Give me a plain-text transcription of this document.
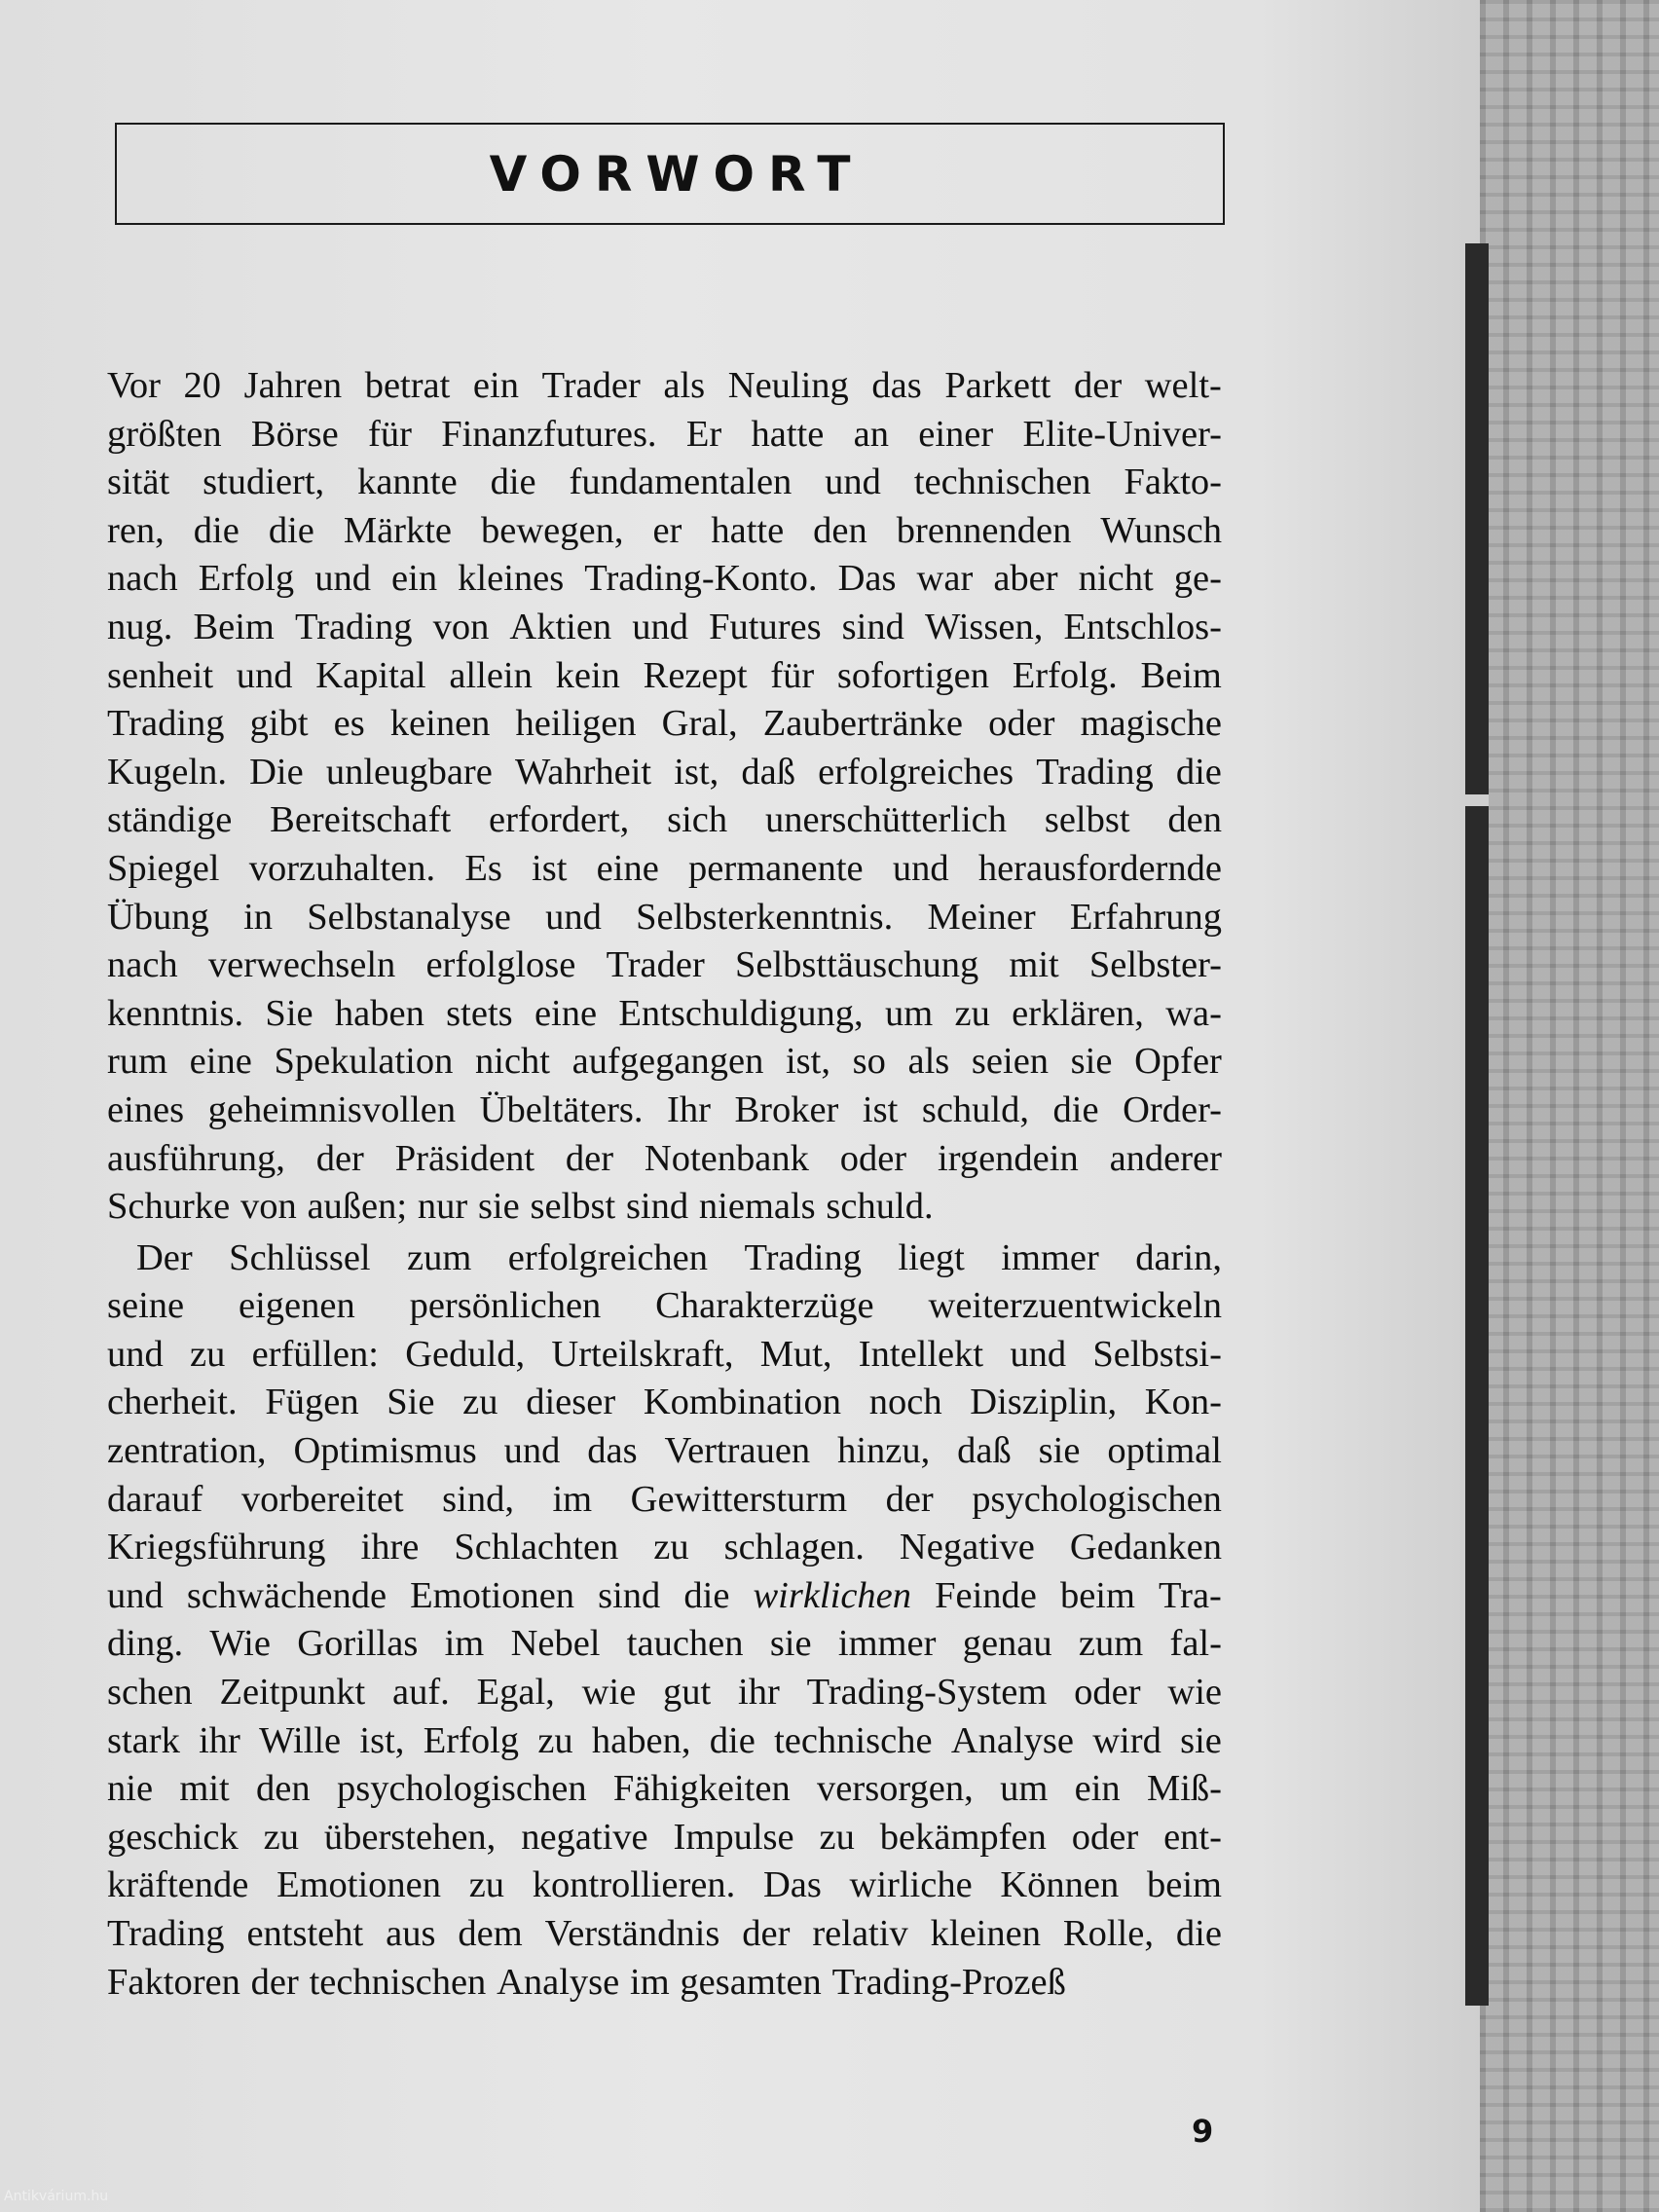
VORWORT
Vor 20 Jahren betrat ein Trader als Neuling das Parkett der welt-
größten Börse für Finanzfutures. Er hatte an einer Elite-Univer-
sität studiert, kannte die fundamentalen und technischen Fakto-
ren, die die Märkte bewegen, er hatte den brennenden Wunsch
nach Erfolg und ein kleines Trading-Konto. Das war aber nicht ge-
nug. Beim Trading von Aktien und Futures sind Wissen, Entschlos-
senheit und Kapital allein kein Rezept für sofortigen Erfolg. Beim
Trading gibt es keinen heiligen Gral, Zaubertränke oder magische
Kugeln. Die unleugbare Wahrheit ist, daß erfolgreiches Trading die
ständige Bereitschaft erfordert, sich unerschütterlich selbst den
Spiegel vorzuhalten. Es ist eine permanente und herausfordernde
Übung in Selbstanalyse und Selbsterkenntnis. Meiner Erfahrung
nach verwechseln erfolglose Trader Selbsttäuschung mit Selbster-
kenntnis. Sie haben stets eine Entschuldigung, um zu erklären, wa-
rum eine Spekulation nicht aufgegangen ist, so als seien sie Opfer
eines geheimnisvollen Übeltäters. Ihr Broker ist schuld, die Order-
ausführung, der Präsident der Notenbank oder irgendein anderer
Schurke von außen; nur sie selbst sind niemals schuld.
Der Schlüssel zum erfolgreichen Trading liegt immer darin,
seine eigenen persönlichen Charakterzüge weiterzuentwickeln
und zu erfüllen: Geduld, Urteilskraft, Mut, Intellekt und Selbstsi-
cherheit. Fügen Sie zu dieser Kombination noch Disziplin, Kon-
zentration, Optimismus und das Vertrauen hinzu, daß sie optimal
darauf vorbereitet sind, im Gewittersturm der psychologischen
Kriegsführung ihre Schlachten zu schlagen. Negative Gedanken
und schwächende Emotionen sind die wirklichen Feinde beim Tra-
ding. Wie Gorillas im Nebel tauchen sie immer genau zum fal-
schen Zeitpunkt auf. Egal, wie gut ihr Trading-System oder wie
stark ihr Wille ist, Erfolg zu haben, die technische Analyse wird sie
nie mit den psychologischen Fähigkeiten versorgen, um ein Miß-
geschick zu überstehen, negative Impulse zu bekämpfen oder ent-
kräftende Emotionen zu kontrollieren. Das wirliche Können beim
Trading entsteht aus dem Verständnis der relativ kleinen Rolle, die
Faktoren der technischen Analyse im gesamten Trading-Prozeß
9
Antikvárium.hu
